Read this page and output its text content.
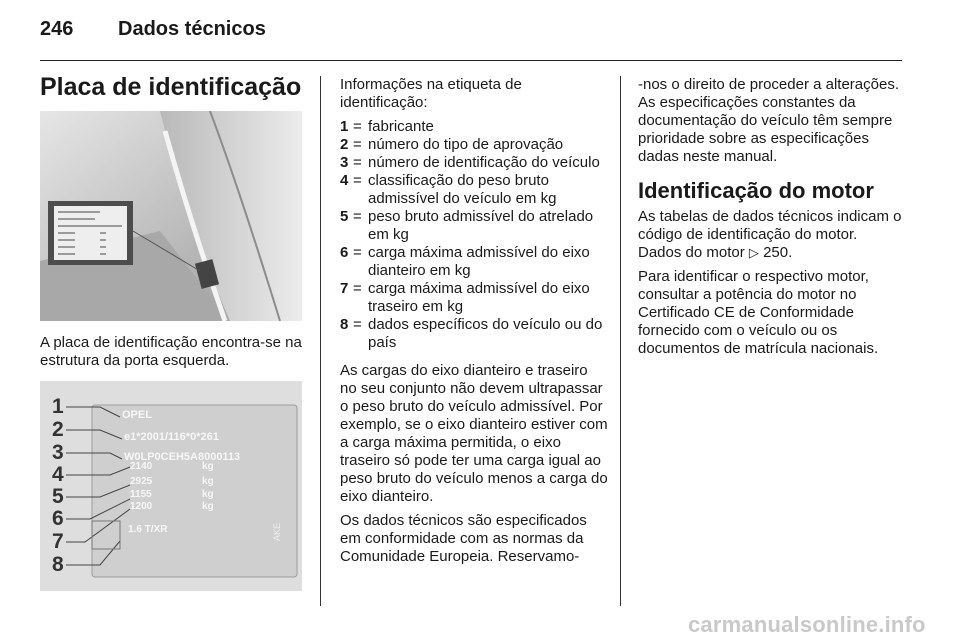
246 Dados técnicos
Placa de identificação
A placa de identificação encontra-se na estrutura da porta esquerda.
AKE
1
2
3
4
5
6
7
8
OPEL
e1*2001/116*0*261
W0LP0CEH5A8000113
2140
2925
1155
1200
kg
kg
kg
kg
1.6 T/XR

Informações na etiqueta de identificação:

1 = fabricante
2 = número do tipo de aprovação
3 = número de identificação do veículo
4 = classificação do peso bruto admissível do veículo em kg
5 = peso bruto admissível do atrelado em kg
6 = carga máxima admissível do eixo dianteiro em kg
7 = carga máxima admissível do eixo traseiro em kg
8 = dados específicos do veículo ou do país

As cargas do eixo dianteiro e traseiro no seu conjunto não devem ultrapassar o peso bruto do veículo admissível. Por exemplo, se o eixo dianteiro estiver com a carga máxima permitida, o eixo traseiro só pode ter uma carga igual ao peso bruto do veículo menos a carga do eixo dianteiro.

Os dados técnicos são especificados em conformidade com as normas da Comunidade Europeia. Reservamo-

-nos o direito de proceder a alterações. As especificações constantes da documentação do veículo têm sempre prioridade sobre as especificações dadas neste manual.

Identificação do motor

As tabelas de dados técnicos indicam o código de identificação do motor. Dados do motor ▷ 250.

Para identificar o respectivo motor, consultar a potência do motor no Certificado CE de Conformidade fornecido com o veículo ou os documentos de matrícula nacionais.

carmanualsonline.info
